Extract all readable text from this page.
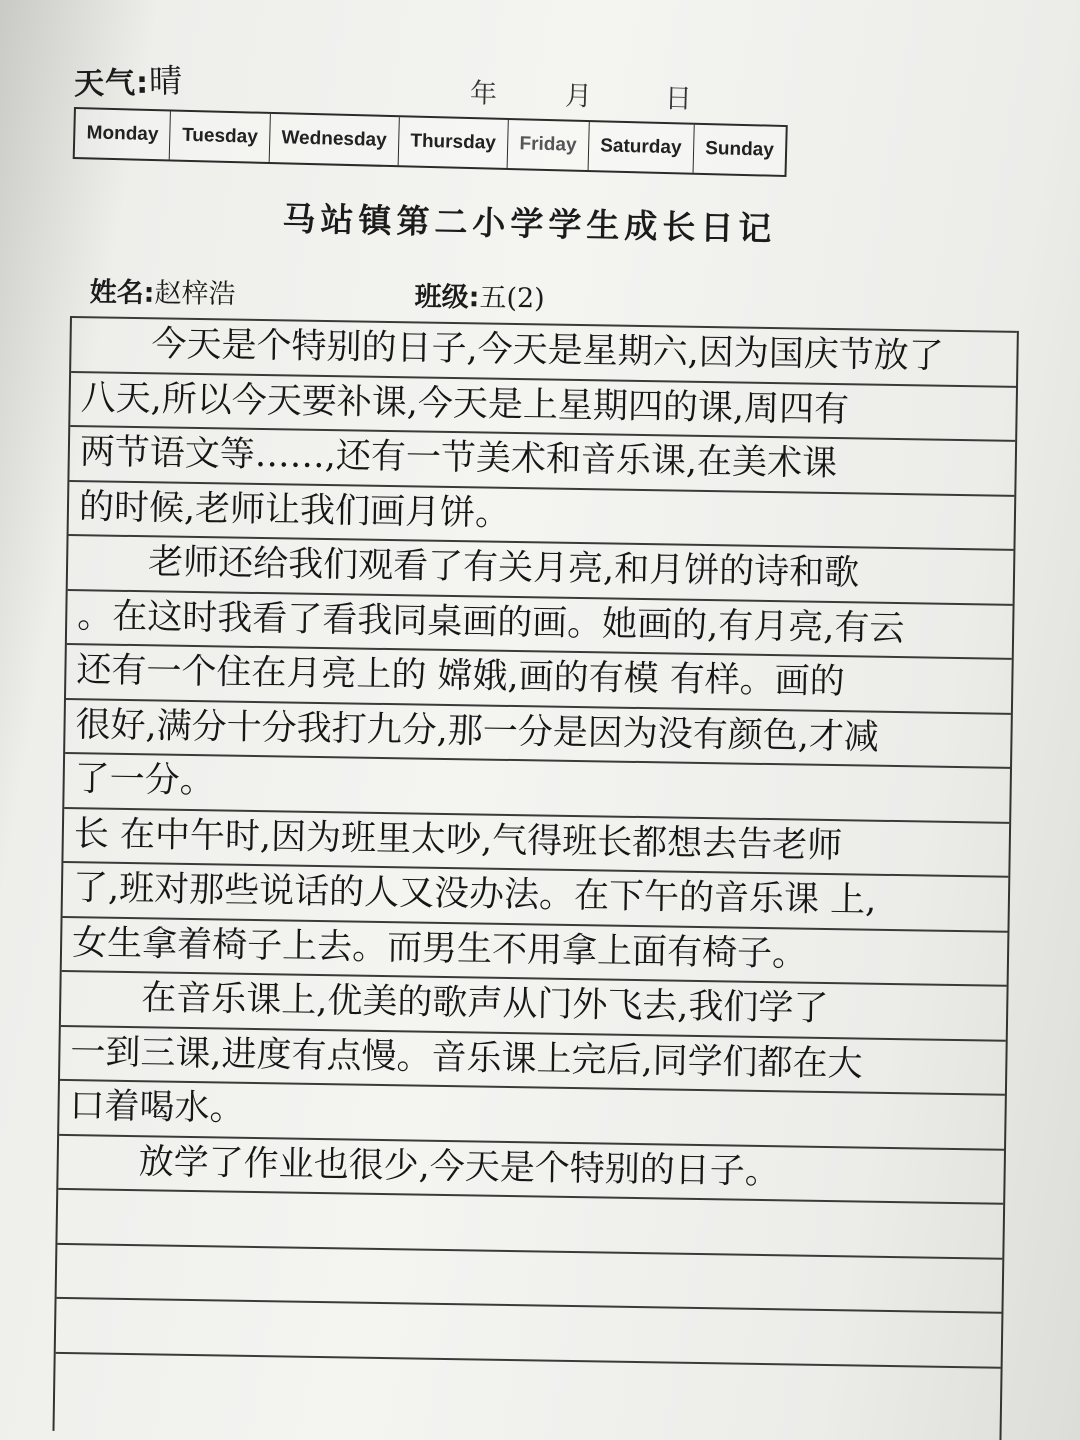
天气:晴	年 月	日
Monday	Tuesday	Wednesday	Thursday	Friday	Saturday	Sunday
马站镇第二小学学生成长日记
姓名:赵梓浩	班级:五(2)
　　今天是个特别的日子,今天是星期六,因为国庆节放了
八天,所以今天要补课,今天是上星期四的课,周四有
两节语文等……,还有一节美术和音乐课,在美术课
的时候,老师让我们画月饼。
　　老师还给我们观看了有关月亮,和月饼的诗和歌
。在这时我看了看我同桌画的画。她画的,有月亮,有云
还有一个住在月亮上的 嫦娥,画的有模 有样。画的
很好,满分十分我打九分,那一分是因为没有颜色,才减
了一分。
长 在中午时,因为班里太吵,气得班长都想去告老师
了,班对那些说话的人又没办法。在下午的音乐课 上,
女生拿着椅子上去。而男生不用拿上面有椅子。
　　在音乐课上,优美的歌声从门外飞去,我们学了
一到三课,进度有点慢。音乐课上完后,同学们都在大
口着喝水。
　　放学了作业也很少,今天是个特别的日子。
